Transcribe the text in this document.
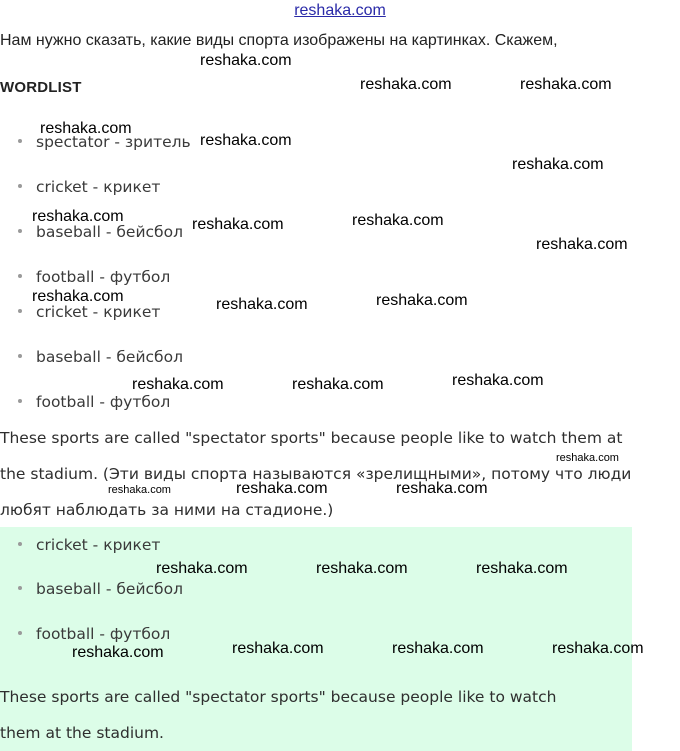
reshaka.com
Нам нужно сказать, какие виды спорта изображены на картинках. Скажем,
WORDLIST
spectator - зритель
cricket - крикет
baseball - бейсбол
football - футбол
cricket - крикет
baseball - бейсбол
football - футбол
These sports are called "spectator sports" because people like to watch them at
the stadium. (Эти виды спорта называются «зрелищными», потому что люди
любят наблюдать за ними на стадионе.)
cricket - крикет
baseball - бейсбол
football - футбол
These sports are called "spectator sports" because people like to watch
them at the stadium.
reshaka.com
reshaka.com	reshaka.com
reshaka.com
reshaka.com
reshaka.com
reshaka.com	reshaka.com	reshaka.com
reshaka.com
reshaka.com	reshaka.com	reshaka.com
reshaka.com	reshaka.com	reshaka.com
reshaka.com
reshaka.com	reshaka.com	reshaka.com
reshaka.com	reshaka.com	reshaka.com
reshaka.com	reshaka.com	reshaka.com	reshaka.com
